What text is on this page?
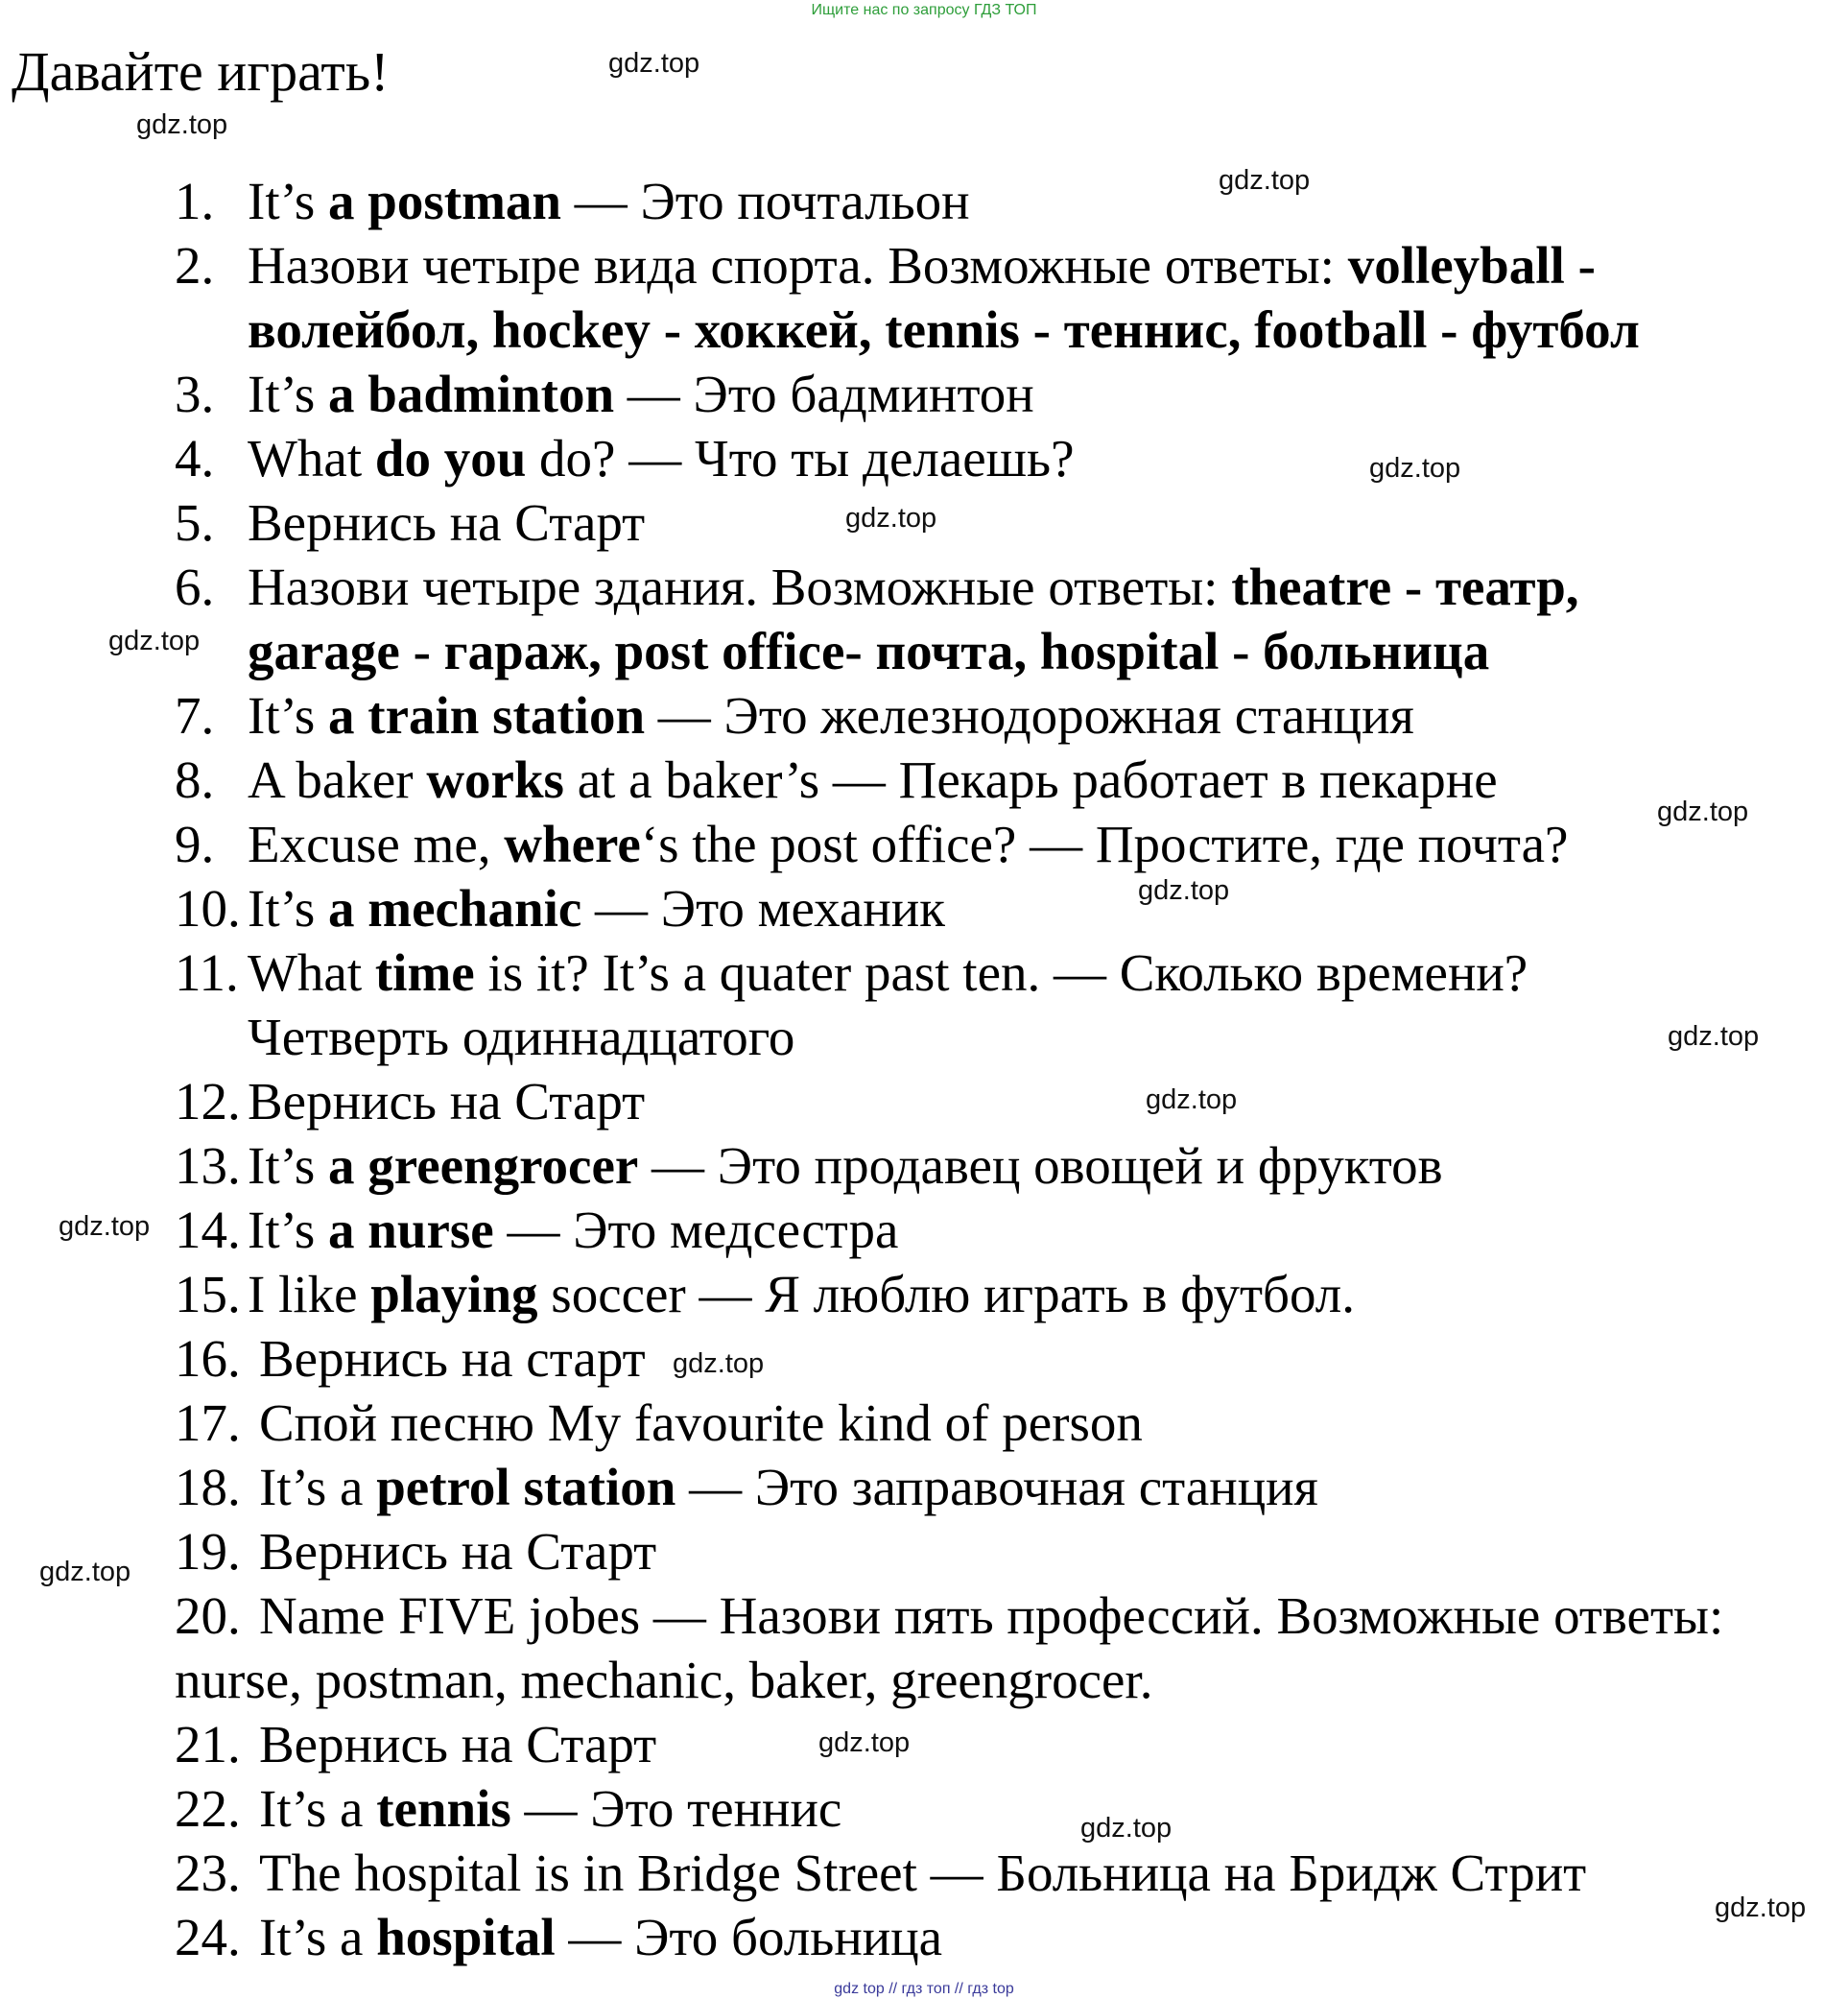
Ищите нас по запросу ГДЗ ТОП
Давайте играть!
1. It’s a postman — Это почтальон
2. Назови четыре вида спорта. Возможные ответы: volleyball -
волейбол, hockey - хоккей, tennis - теннис, football - футбол
3. It’s a badminton — Это бадминтон
4. What do you do? — Что ты делаешь?
5. Вернись на Старт
6. Назови четыре здания. Возможные ответы: theatre - театр,
garage - гараж, post office- почта, hospital - больница
7. It’s a train station — Это железнодорожная станция
8. A baker works at a baker’s — Пекарь работает в пекарне
9. Excuse me, where‘s the post office? — Простите, где почта?
10. It’s a mechanic — Это механик
11. What time is it? It’s a quater past ten. — Сколько времени?
Четверть одиннадцатого
12. Вернись на Старт
13. It’s a greengrocer — Это продавец овощей и фруктов
14. It’s a nurse — Это медсестра
15. I like playing soccer — Я люблю играть в футбол.
16. Вернись на старт
17. Спой песню My favourite kind of person
18. It’s a petrol station — Это заправочная станция
19. Вернись на Старт
20. Name FIVE jobes — Назови пять профессий. Возможные ответы:
nurse, postman, mechanic, baker, greengrocer.
21. Вернись на Старт
22. It’s a tennis — Это теннис
23. The hospital is in Bridge Street — Больница на Бридж Стрит
24. It’s a hospital — Это больница
gdz.top
gdz.top
gdz.top
gdz.top
gdz.top
gdz.top
gdz.top
gdz.top
gdz.top
gdz.top
gdz.top
gdz.top
gdz.top
gdz.top
gdz.top
gdz.top
gdz top // гдз топ // гдз top
